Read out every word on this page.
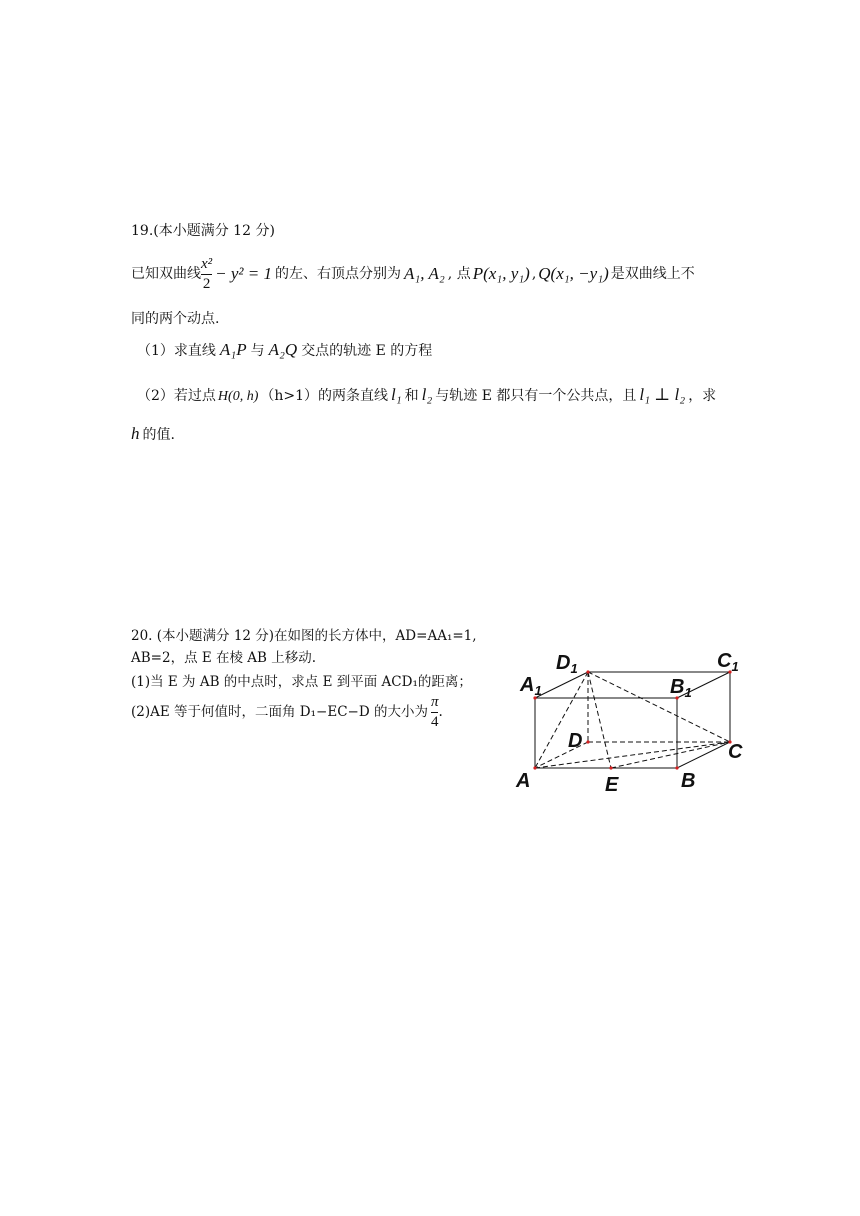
19.(本小题满分 12 分)
已知双曲线 $\frac{\text{x²}}{2} - y^2 = 1$ 的左、右顶点分别为 A₁, A₂ , 点 P(x₁, y₁) , Q(x₁, −y₁) 是双曲线上不
同的两个动点.
（1）求直线 A₁P 与 A₂Q 交点的轨迹 E 的方程
（2）若过点 H(0, h) （h>1）的两条直线 l₁ 和 l₂ 与轨迹 E 都只有一个公共点，且 l₁ ⊥ l₂ ，求
h 的值.
20. (本小题满分 12 分)在如图的长方体中，AD=AA₁=1,
AB=2，点 E 在棱 AB 上移动.
(1)当 E 为 AB 的中点时，求点 E 到平面 ACD₁的距离；
(2)AE 等于何值时，二面角 D₁−EC−D 的大小为 $\frac{\pi}{4}$ .
A	B
C
D
E
$A_1$	$B_1$
$C_1$
$D_1$
